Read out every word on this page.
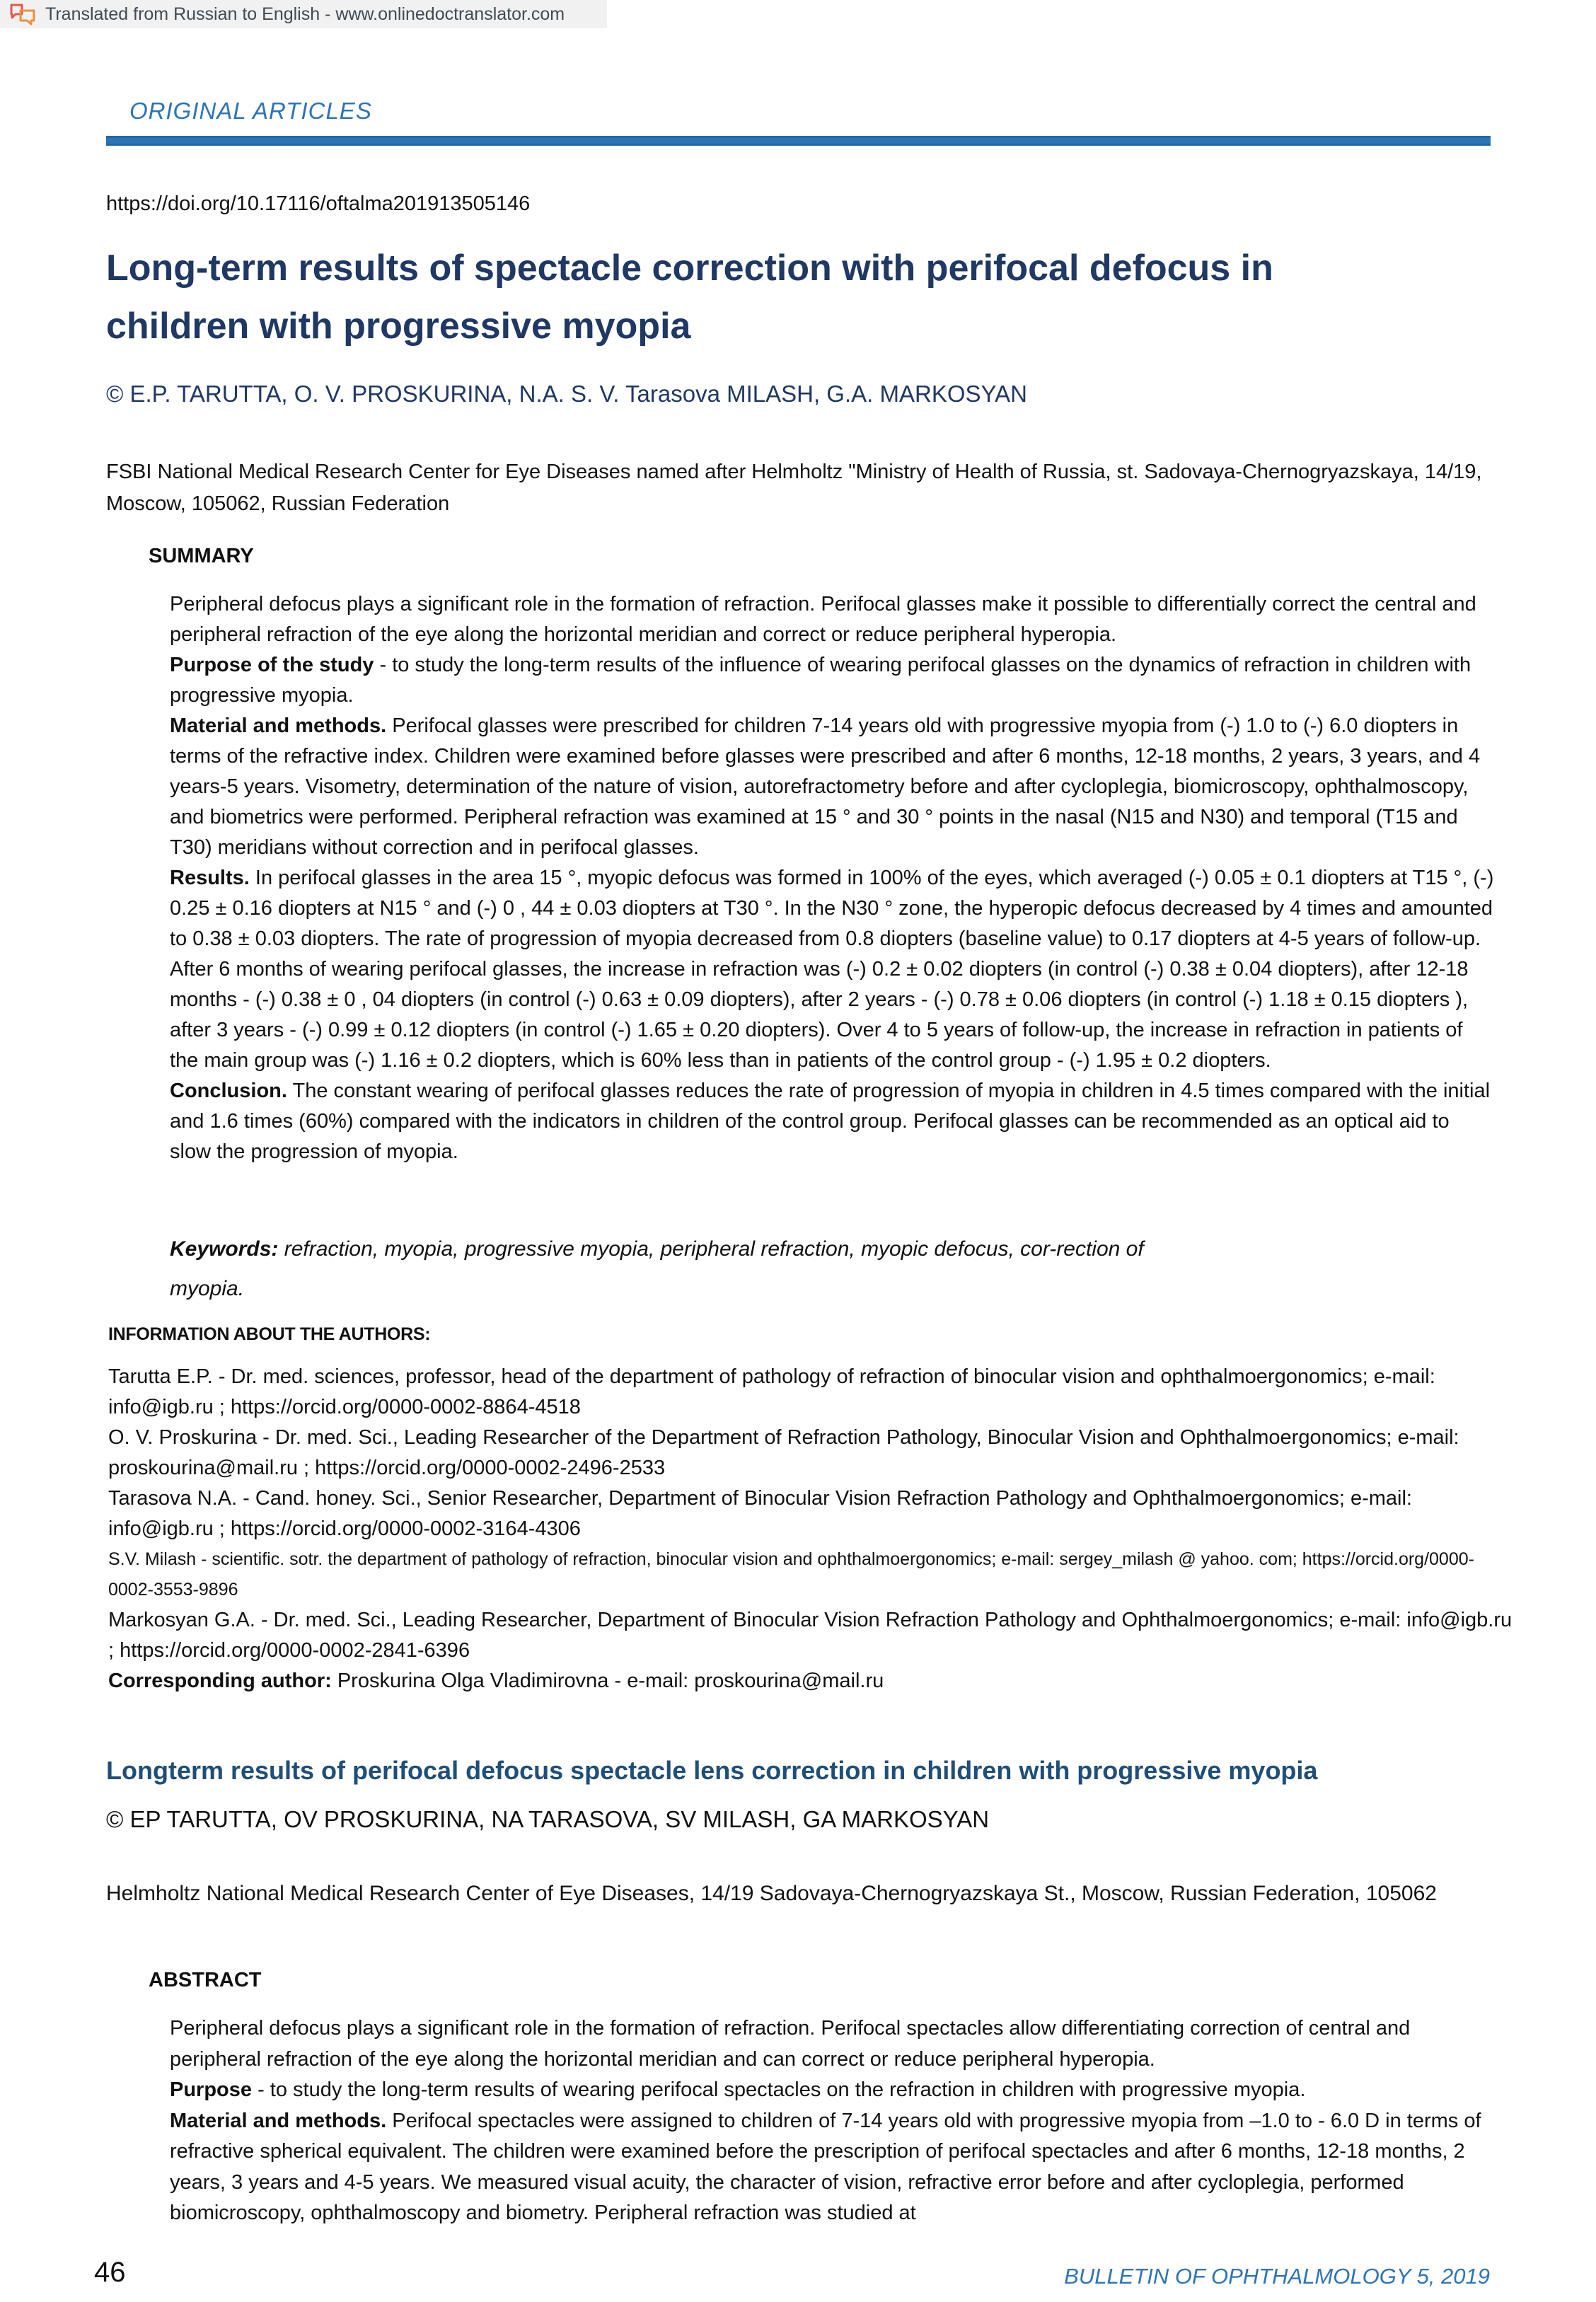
Translated from Russian to English - www.onlinedoctranslator.com
ORIGINAL ARTICLES
https://doi.org/10.17116/oftalma201913505146
Long-term results of spectacle correction with perifocal defocus in children with progressive myopia
© E.P. TARUTTA, O. V. PROSKURINA, N.A. S. V. Tarasova MILASH, G.A. MARKOSYAN
FSBI National Medical Research Center for Eye Diseases named after Helmholtz "Ministry of Health of Russia, st. Sadovaya-Chernogryazskaya, 14/19, Moscow, 105062, Russian Federation
SUMMARY

Peripheral defocus plays a significant role in the formation of refraction. Perifocal glasses make it possible to differentially correct the central and peripheral refraction of the eye along the horizontal meridian and correct or reduce peripheral hyperopia.

Purpose of the study - to study the long-term results of the influence of wearing perifocal glasses on the dynamics of refraction in children with progressive myopia.

Material and methods. Perifocal glasses were prescribed for children 7-14 years old with progressive myopia from (-) 1.0 to (-) 6.0 diopters in terms of the refractive index. Children were examined before glasses were prescribed and after 6 months, 12-18 months, 2 years, 3 years, and 4 years-5 years. Visometry, determination of the nature of vision, autorefractometry before and after cycloplegia, biomicroscopy, ophthalmoscopy, and biometrics were performed. Peripheral refraction was examined at 15 ° and 30 ° points in the nasal (N15 and N30) and temporal (T15 and T30) meridians without correction and in perifocal glasses.

Results. In perifocal glasses in the area 15 °, myopic defocus was formed in 100% of the eyes, which averaged (-) 0.05 ± 0.1 diopters at T15 °, (-) 0.25 ± 0.16 diopters at N15 ° and (-) 0 , 44 ± 0.03 diopters at T30 °. In the N30 ° zone, the hyperopic defocus decreased by 4 times and amounted to 0.38 ± 0.03 diopters. The rate of progression of myopia decreased from 0.8 diopters (baseline value) to 0.17 diopters at 4-5 years of follow-up. After 6 months of wearing perifocal glasses, the increase in refraction was (-) 0.2 ± 0.02 diopters (in control (-) 0.38 ± 0.04 diopters), after 12-18 months - (-) 0.38 ± 0 , 04 diopters (in control (-) 0.63 ± 0.09 diopters), after 2 years - (-) 0.78 ± 0.06 diopters (in control (-) 1.18 ± 0.15 diopters ), after 3 years - (-) 0.99 ± 0.12 diopters (in control (-) 1.65 ± 0.20 diopters). Over 4 to 5 years of follow-up, the increase in refraction in patients of the main group was (-) 1.16 ± 0.2 diopters, which is 60% less than in patients of the control group - (-) 1.95 ± 0.2 diopters.

Conclusion. The constant wearing of perifocal glasses reduces the rate of progression of myopia in children in 4.5 times compared with the initial and 1.6 times (60%) compared with the indicators in children of the control group. Perifocal glasses can be recommended as an optical aid to slow the progression of myopia.

Keywords: refraction, myopia, progressive myopia, peripheral refraction, myopic defocus, cor-rection of myopia.
INFORMATION ABOUT THE AUTHORS:

Tarutta E.P. - Dr. med. sciences, professor, head of the department of pathology of refraction of binocular vision and ophthalmoergonomics; e-mail: info@igb.ru ; https://orcid.org/0000-0002-8864-4518

O. V. Proskurina - Dr. med. Sci., Leading Researcher of the Department of Refraction Pathology, Binocular Vision and Ophthalmoergonomics; e-mail: proskourina@mail.ru ; https://orcid.org/0000-0002-2496-2533

Tarasova N.A. - Cand. honey. Sci., Senior Researcher, Department of Binocular Vision Refraction Pathology and Ophthalmoergonomics; e-mail: info@igb.ru ; https://orcid.org/0000-0002-3164-4306

S.V. Milash - scientific. sotr. the department of pathology of refraction, binocular vision and ophthalmoergonomics; e-mail: sergey_milash @ yahoo. com; https://orcid.org/0000-0002-3553-9896

Markosyan G.A. - Dr. med. Sci., Leading Researcher, Department of Binocular Vision Refraction Pathology and Ophthalmoergonomics; e-mail: info@igb.ru ; https://orcid.org/0000-0002-2841-6396

Corresponding author: Proskurina Olga Vladimirovna - e-mail: proskourina@mail.ru

Longterm results of perifocal defocus spectacle lens correction in children with progressive myopia
© EP TARUTTA, OV PROSKURINA, NA TARASOVA, SV MILASH, GA MARKOSYAN
Helmholtz National Medical Research Center of Eye Diseases, 14/19 Sadovaya-Chernogryazskaya St., Moscow, Russian Federation, 105062
ABSTRACT

Peripheral defocus plays a significant role in the formation of refraction. Perifocal spectacles allow differentiating correction of central and peripheral refraction of the eye along the horizontal meridian and can correct or reduce peripheral hyperopia.

Purpose - to study the long-term results of wearing perifocal spectacles on the refraction in children with progressive myopia.

Material and methods. Perifocal spectacles were assigned to children of 7-14 years old with progressive myopia from –1.0 to - 6.0 D in terms of refractive spherical equivalent. The children were examined before the prescription of perifocal spectacles and after 6 months, 12-18 months, 2 years, 3 years and 4-5 years. We measured visual acuity, the character of vision, refractive error before and after cycloplegia, performed biomicroscopy, ophthalmoscopy and biometry. Peripheral refraction was studied at

46	BULLETIN OF OPHTHALMOLOGY 5, 2019
